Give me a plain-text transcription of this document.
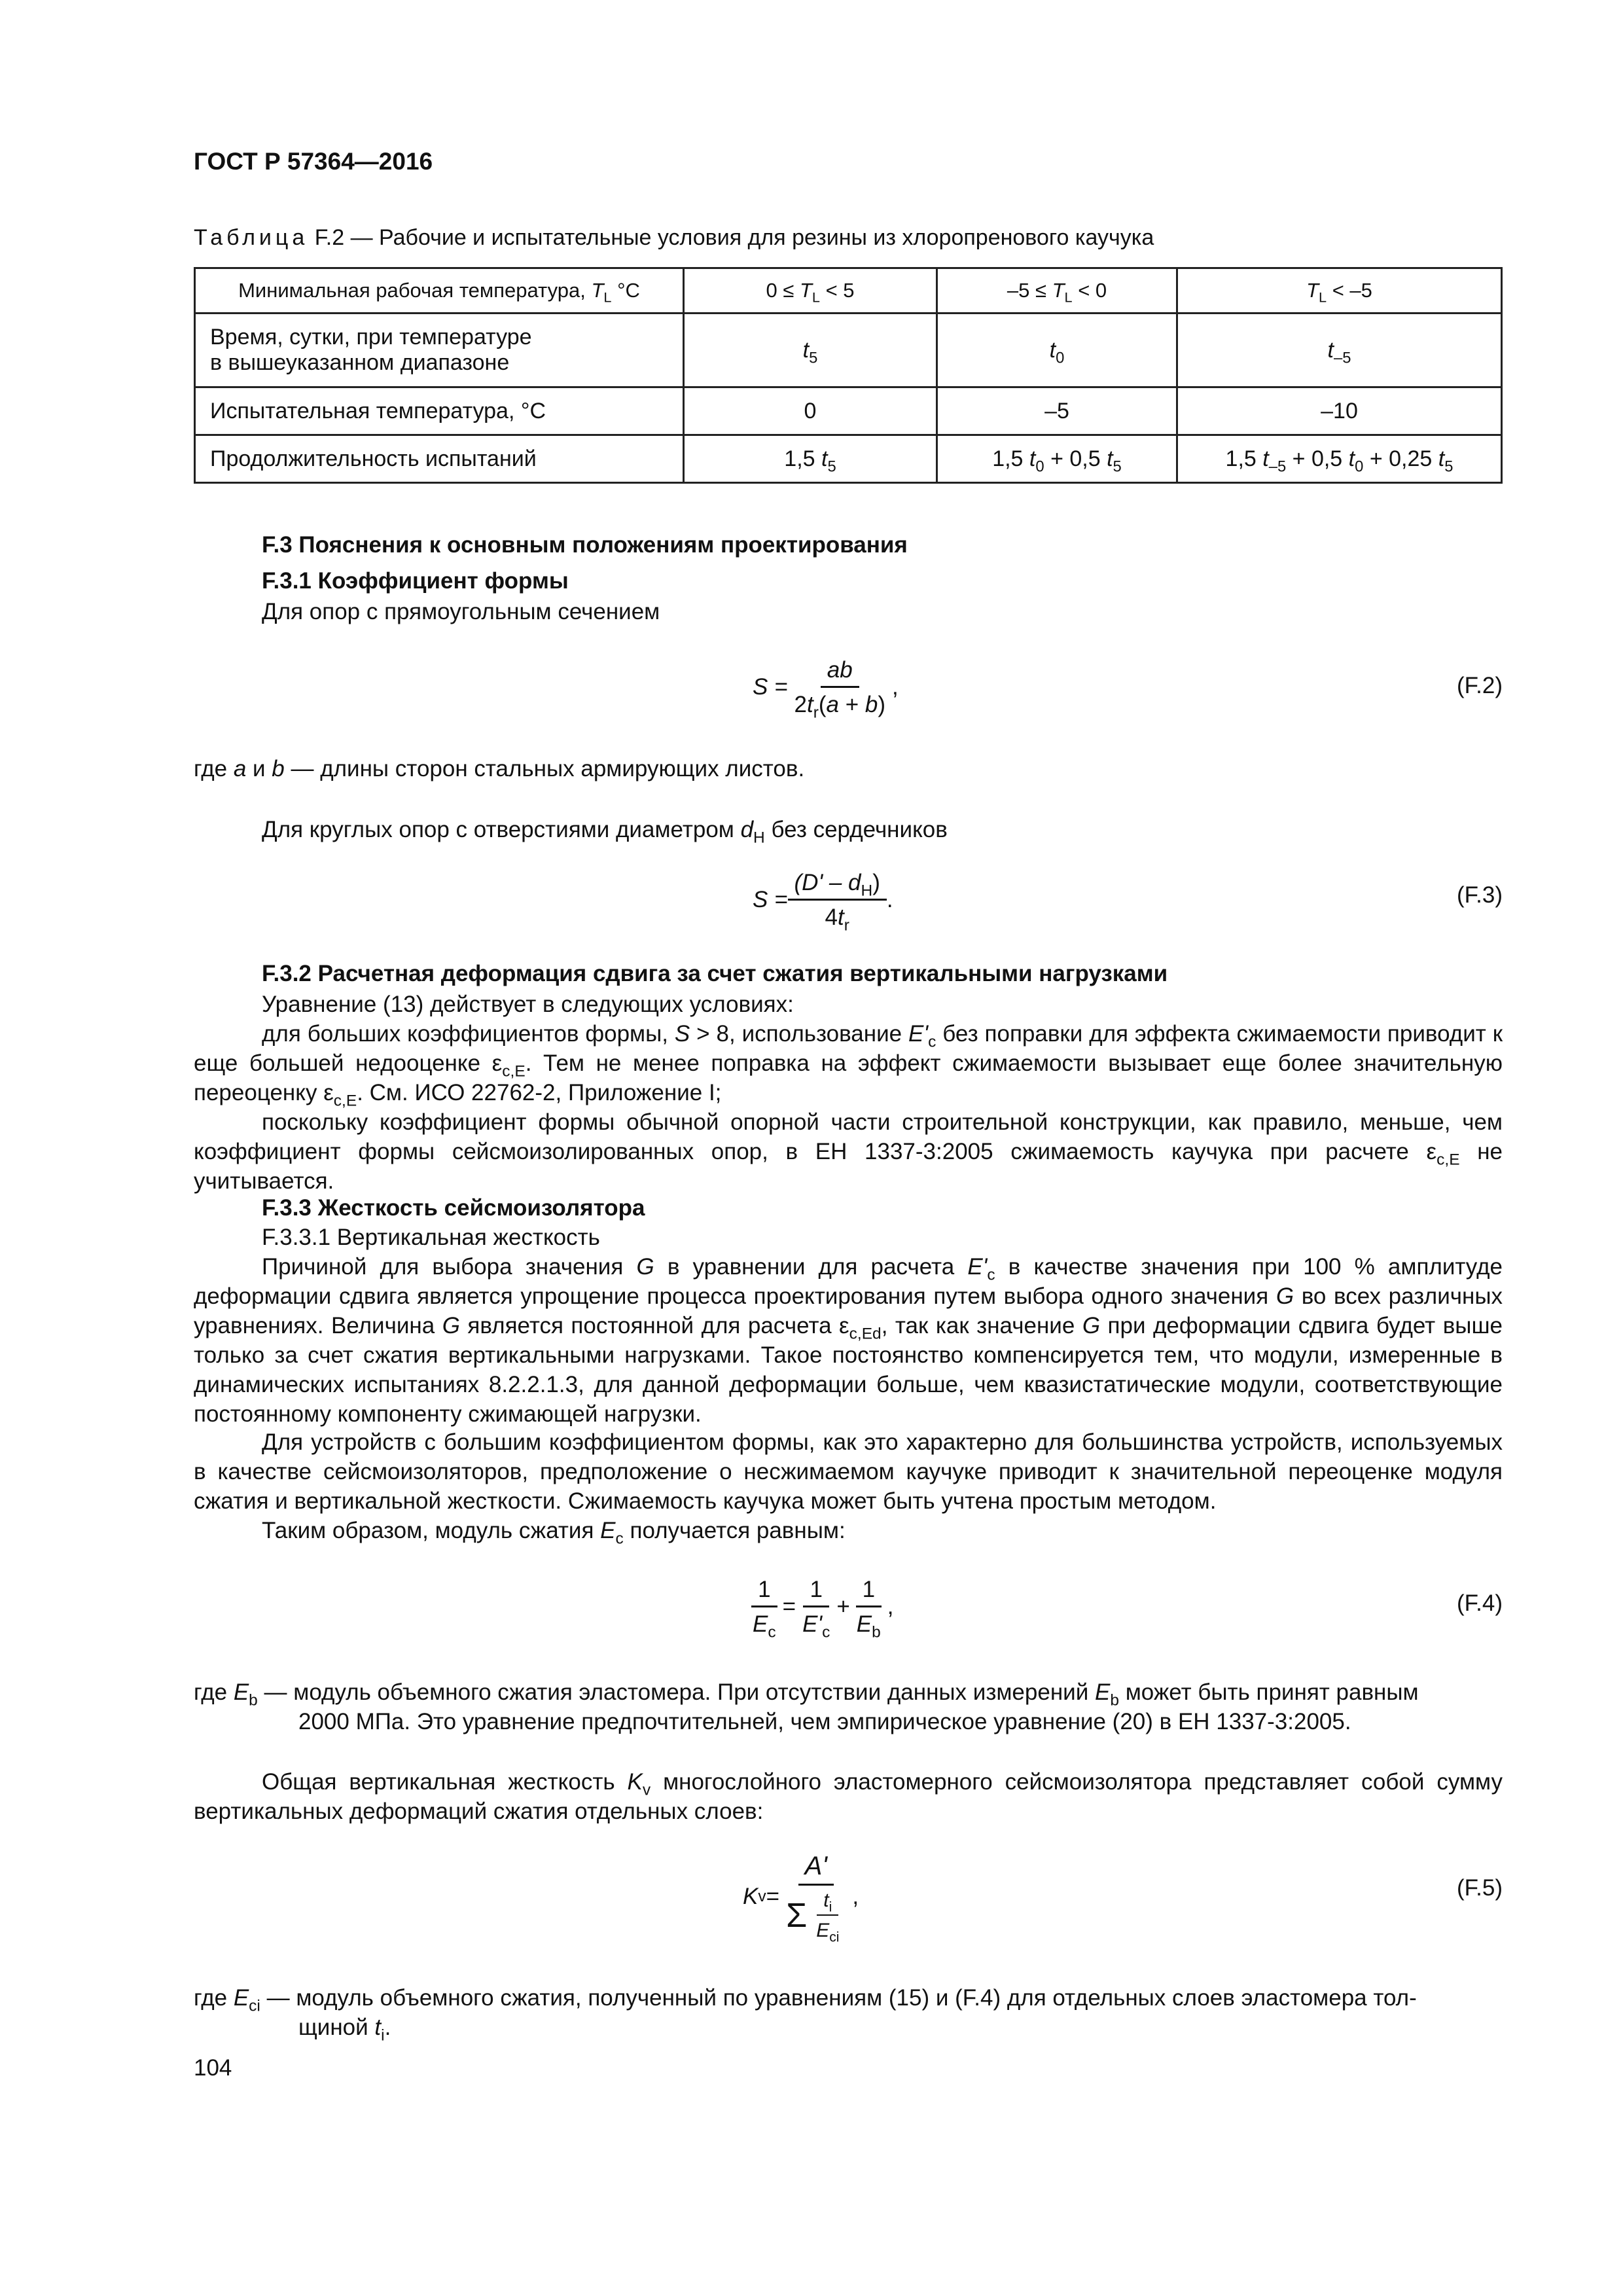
ГОСТ Р 57364—2016
Таблица F.2 — Рабочие и испытательные условия для резины из хлоропренового каучука
Минимальная рабочая температура, $T_L$ °С	$0 \le T_L < 5$	$-5 \le T_L < 0$	$T_L < -5$
Время, сутки, при температуре
в вышеуказанном диапазоне	$t_5$	$t_0$	$t_{-5}$
Испытательная температура, °С	0	–5	–10
Продолжительность испытаний	1,5 $t_5$	1,5 $t_0 + 0,5$ $t_5$	1,5 $t_{-5} + 0,5$ $t_0 + 0,25$ $t_5$
F.3 Пояснения к основным положениям проектирования
F.3.1 Коэффициент формы
Для опор с прямоугольным сечением
$S = \frac{ab}{2t_r(a + b)}$ ,	(F.2)
где a и b — длины сторон стальных армирующих листов.
Для круглых опор с отверстиями диаметром $d_H$ без сердечников
$S = \frac{(D' - d_H)}{4t_r}$ .	(F.3)
F.3.2 Расчетная деформация сдвига за счет сжатия вертикальными нагрузками
Уравнение (13) действует в следующих условиях:
для больших коэффициентов формы, S > 8, использование $E'_c$ без поправки для эффекта сжимаемости приводит к еще большей недооценке $\varepsilon_{c,E}$. Тем не менее поправка на эффект сжимаемости вызывает еще более значительную переоценку $\varepsilon_{c,E}$. См. ИСО 22762-2, Приложение I;
поскольку коэффициент формы обычной опорной части строительной конструкции, как правило, меньше, чем коэффициент формы сейсмоизолированных опор, в ЕН 1337-3:2005 сжимаемость каучука при расчете $\varepsilon_{c,E}$ не учитывается.
F.3.3 Жесткость сейсмоизолятора
F.3.3.1 Вертикальная жесткость
Причиной для выбора значения G в уравнении для расчета $E'_c$ в качестве значения при 100 % амплитуде деформации сдвига является упрощение процесса проектирования путем выбора одного значения G во всех различных уравнениях. Величина G является постоянной для расчета $\varepsilon_{c,Ed}$, так как значение G при деформации сдвига будет выше только за счет сжатия вертикальными нагрузками. Такое постоянство компенсируется тем, что модули, измеренные в динамических испытаниях 8.2.2.1.3, для данной деформации больше, чем квазистатические модули, соответствующие постоянному компоненту сжимающей нагрузки.
Для устройств с большим коэффициентом формы, как это характерно для большинства устройств, используемых в качестве сейсмоизоляторов, предположение о несжимаемом каучуке приводит к значительной переоценке модуля сжатия и вертикальной жесткости. Сжимаемость каучука может быть учтена простым методом.
Таким образом, модуль сжатия $E_c$ получается равным:
$\frac{1}{E_c} = \frac{1}{E'_c} + \frac{1}{E_b}$ ,	(F.4)
где $E_b$ — модуль объемного сжатия эластомера. При отсутствии данных измерений $E_b$ может быть принят равным
2000 МПа. Это уравнение предпочтительней, чем эмпирическое уравнение (20) в ЕН 1337-3:2005.
Общая вертикальная жесткость $K_v$ многослойного эластомерного сейсмоизолятора представляет собой сумму вертикальных деформаций сжатия отдельных слоев:
K $v = \frac{A'}{\Sigma \frac{t_i}{E_{ci}}}$ ,	(F.5)
где $E_{ci}$ — модуль объемного сжатия, полученный по уравнениям (15) и (F.4) для отдельных слоев эластомера тол-
щиной $t_i$.
104
